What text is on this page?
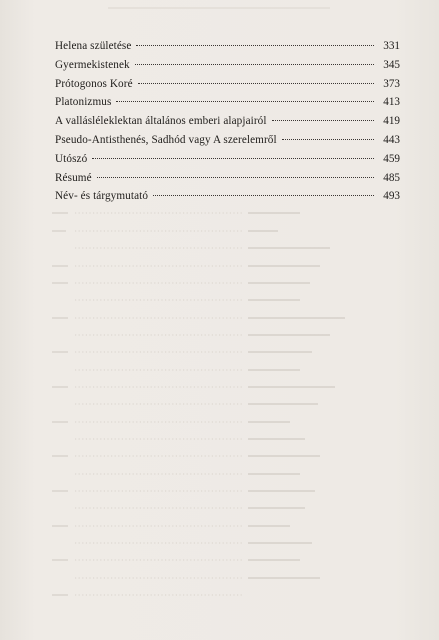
Helena születése	331
Gyermekistenek	345
Prótogonos Koré	373
Platonizmus	413
A vallásléleklektan általános emberi alapjairól	419
Pseudo-Antisthenés, Sadhód vagy A szerelemről	443
Utószó	459
Résumé	485
Név- és tárgymutató	493
